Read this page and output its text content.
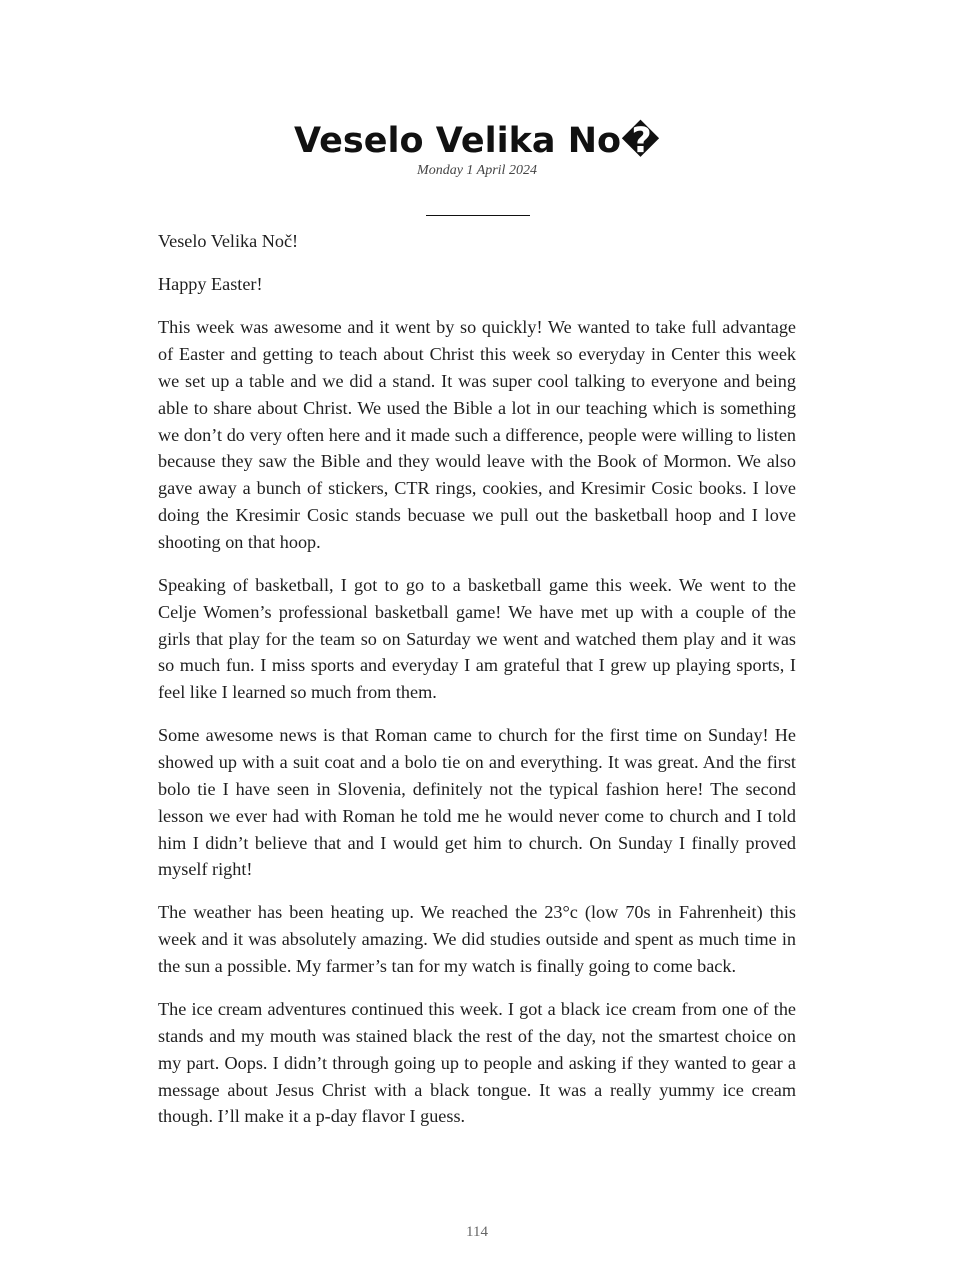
Veselo Velika No�
Monday 1 April 2024

Veselo Velika Noč!

Happy Easter!

This week was awesome and it went by so quickly! We wanted to take full advantage of Easter and getting to teach about Christ this week so everyday in Center this week we set up a table and we did a stand. It was super cool talking to everyone and being able to share about Christ. We used the Bible a lot in our teaching which is something we don’t do very often here and it made such a difference, people were willing to listen because they saw the Bible and they would leave with the Book of Mormon. We also gave away a bunch of stickers, CTR rings, cookies, and Kresimir Cosic books. I love doing the Kresimir Cosic stands becuase we pull out the basketball hoop and I love shooting on that hoop.

Speaking of basketball, I got to go to a basketball game this week. We went to the Celje Women’s professional basketball game! We have met up with a couple of the girls that play for the team so on Saturday we went and watched them play and it was so much fun. I miss sports and everyday I am grateful that I grew up playing sports, I feel like I learned so much from them.

Some awesome news is that Roman came to church for the first time on Sunday! He showed up with a suit coat and a bolo tie on and everything. It was great. And the first bolo tie I have seen in Slovenia, definitely not the typical fashion here! The second lesson we ever had with Roman he told me he would never come to church and I told him I didn’t believe that and I would get him to church. On Sunday I finally proved myself right!

The weather has been heating up. We reached the 23°c (low 70s in Fahrenheit) this week and it was absolutely amazing. We did studies outside and spent as much time in the sun a possible. My farmer’s tan for my watch is finally going to come back.

The ice cream adventures continued this week. I got a black ice cream from one of the stands and my mouth was stained black the rest of the day, not the smartest choice on my part. Oops. I didn’t through going up to people and asking if they wanted to gear a message about Jesus Christ with a black tongue. It was a really yummy ice cream though. I’ll make it a p-day flavor I guess.

114
